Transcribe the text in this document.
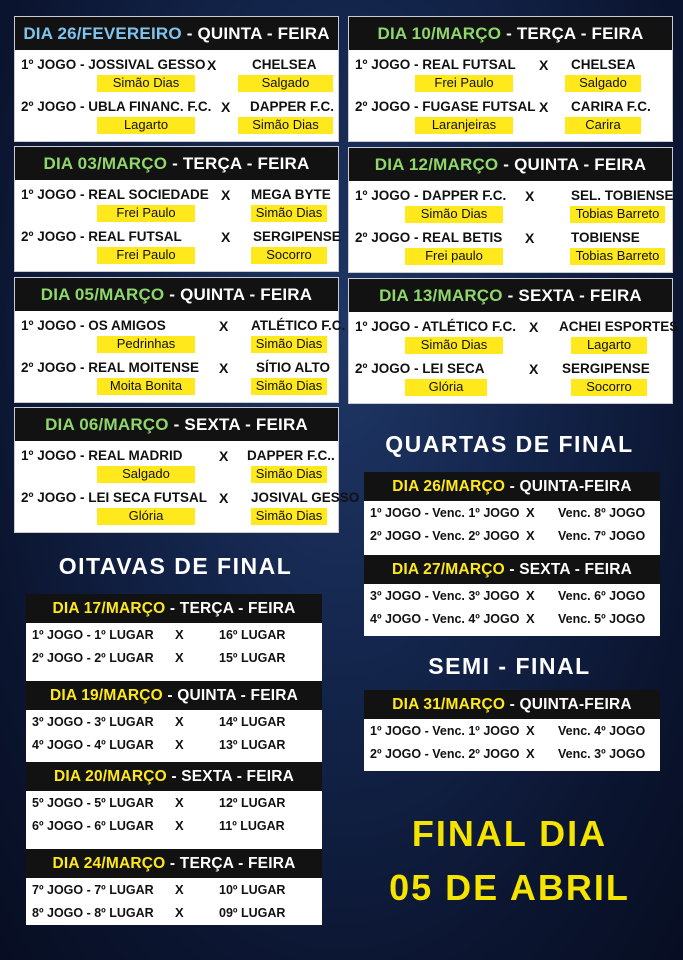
DIA 26/FEVEREIRO - QUINTA - FEIRA
1º JOGO - JOSSIVAL GESSO
Simão Dias
X	CHELSEA
Salgado
2º JOGO - UBLA FINANC. F.C.
Lagarto
X DAPPER F.C.
Simão Dias
DIA 03/MARÇO - TERÇA - FEIRA
1º JOGO - REAL SOCIEDADE
Frei Paulo
X MEGA BYTE
Simão Dias
2º JOGO - REAL FUTSAL
Frei Paulo
X SERGIPENSE
Socorro
DIA 05/MARÇO - QUINTA - FEIRA
1º JOGO - OS AMIGOS
Pedrinhas
X ATLÉTICO F.C.
Simão Dias
2º JOGO - REAL MOITENSE
Moita Bonita
X SÍTIO ALTO
Simão Dias
DIA 06/MARÇO - SEXTA - FEIRA
1º JOGO - REAL MADRID
Salgado
X DAPPER F.C..
Simão Dias
2º JOGO - LEI SECA FUTSAL
Glória
X JOSIVAL GESSO
Simão Dias
DIA 10/MARÇO - TERÇA - FEIRA
1º JOGO - REAL FUTSAL
Frei Paulo
X CHELSEA
Salgado
2º JOGO - FUGASE FUTSAL
Laranjeiras
X CARIRA F.C.
Carira
DIA 12/MARÇO - QUINTA - FEIRA
1º JOGO - DAPPER F.C.
Simão Dias
X	SEL. TOBIENSE
Tobias Barreto
2º JOGO - REAL BETIS
Frei paulo
X	TOBIENSE
Tobias Barreto
DIA 13/MARÇO - SEXTA - FEIRA
1º JOGO - ATLÉTICO F.C.
Simão Dias
X ACHEI ESPORTES
Lagarto
2º JOGO - LEI SECA
Glória
X SERGIPENSE
Socorro
OITAVAS DE FINAL
DIA 17/MARÇO - TERÇA - FEIRA
1º JOGO - 1º LUGAR X	16º LUGAR
2º JOGO - 2º LUGAR X	15º LUGAR
DIA 19/MARÇO - QUINTA - FEIRA
3º JOGO - 3º LUGAR X	14º LUGAR
4º JOGO - 4º LUGAR X	13º LUGAR
DIA 20/MARÇO - SEXTA - FEIRA
5º JOGO - 5º LUGAR X	12º LUGAR
6º JOGO - 6º LUGAR X	11º LUGAR
DIA 24/MARÇO - TERÇA - FEIRA
7º JOGO - 7º LUGAR X	10º LUGAR
8º JOGO - 8º LUGAR X	09º LUGAR
QUARTAS DE FINAL
DIA 26/MARÇO - QUINTA-FEIRA
1º JOGO - Venc. 1º JOGO X Venc. 8º JOGO
2º JOGO - Venc. 2º JOGO X Venc. 7º JOGO
DIA 27/MARÇO - SEXTA - FEIRA
3º JOGO - Venc. 3º JOGO X Venc. 6º JOGO
4º JOGO - Venc. 4º JOGO X Venc. 5º JOGO
SEMI - FINAL
DIA 31/MARÇO - QUINTA-FEIRA
1º JOGO - Venc. 1º JOGO X Venc. 4º JOGO
2º JOGO - Venc. 2º JOGO X Venc. 3º JOGO
FINAL DIA
05 DE ABRIL
